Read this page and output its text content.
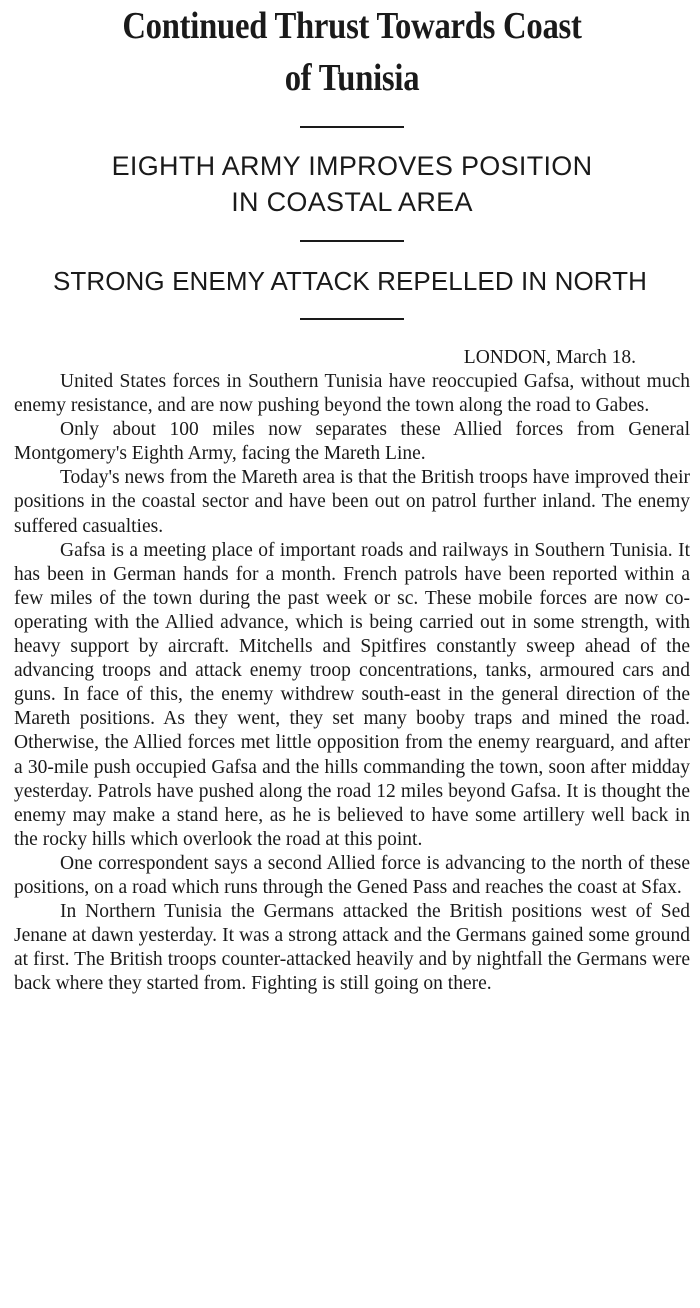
Continued Thrust Towards Coast
of Tunisia
EIGHTH ARMY IMPROVES POSITION
IN COASTAL AREA
STRONG ENEMY ATTACK REPELLED IN NORTH
LONDON, March 18.

United States forces in Southern Tunisia have reoccupied Gafsa, without much enemy resistance, and are now pushing beyond the town along the road to Gabes.

Only about 100 miles now separates these Allied forces from General Montgomery's Eighth Army, facing the Mareth Line.

Today's news from the Mareth area is that the British troops have improved their positions in the coastal sector and have been out on patrol further inland. The enemy suffered casualties.

Gafsa is a meeting place of important roads and railways in Southern Tunisia. It has been in German hands for a month. French patrols have been reported within a few miles of the town during the past week or sc. These mobile forces are now co-operating with the Allied advance, which is being carried out in some strength, with heavy support by aircraft. Mitchells and Spitfires constantly sweep ahead of the advancing troops and attack enemy troop concentrations, tanks, armoured cars and guns. In face of this, the enemy withdrew south-east in the general direction of the Mareth positions. As they went, they set many booby traps and mined the road. Otherwise, the Allied forces met little opposition from the enemy rearguard, and after a 30-mile push occupied Gafsa and the hills commanding the town, soon after midday yesterday. Patrols have pushed along the road 12 miles beyond Gafsa. It is thought the enemy may make a stand here, as he is believed to have some artillery well back in the rocky hills which overlook the road at this point.

One correspondent says a second Allied force is advancing to the north of these positions, on a road which runs through the Gened Pass and reaches the coast at Sfax.

In Northern Tunisia the Germans attacked the British positions west of Sed Jenane at dawn yesterday. It was a strong attack and the Germans gained some ground at first. The British troops counter-attacked heavily and by nightfall the Germans were back where they started from. Fighting is still going on there.
